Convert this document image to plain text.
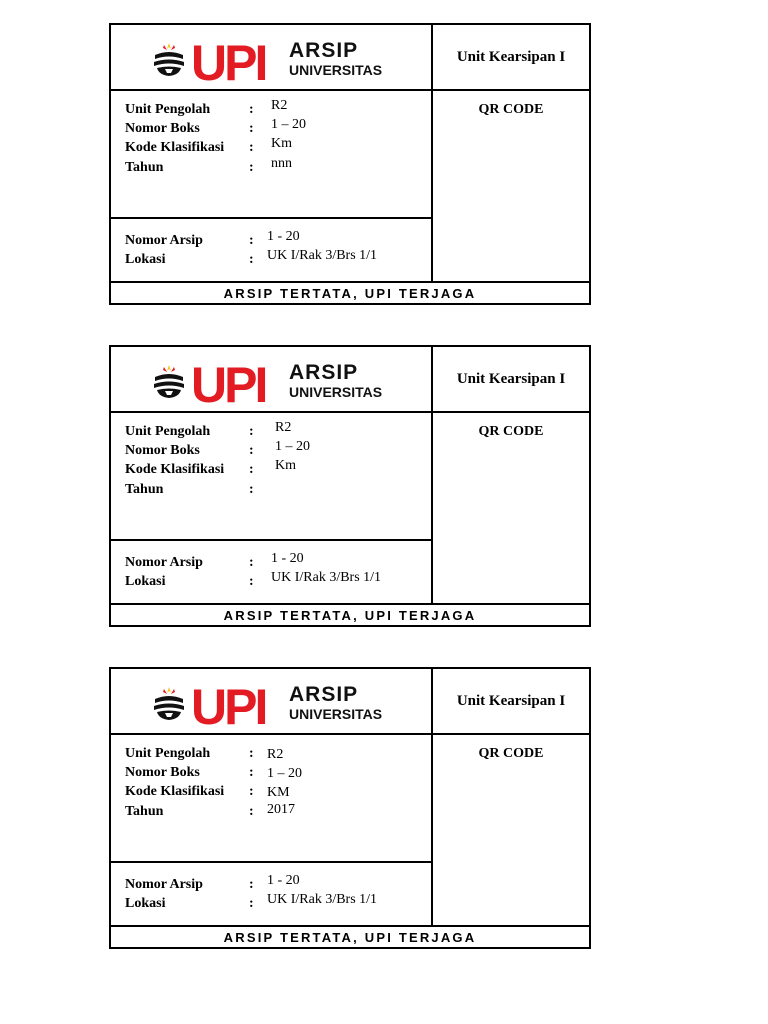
UPI ARSIP
UNIVERSITAS
Unit Kearsipan I
Unit Pengolah	: R2
Nomor Boks	: 1 – 20
Kode Klasifikasi : Km
Tahun	: nnn
QR CODE
Nomor Arsip	: 1 - 20
Lokasi	: UK I/Rak 3/Brs 1/1
ARSIP TERTATA, UPI TERJAGA
UPI ARSIP
UNIVERSITAS
Unit Kearsipan I
Unit Pengolah	: R2
Nomor Boks	: 1 – 20
Kode Klasifikasi : Km
Tahun	:
QR CODE
Nomor Arsip	: 1 - 20
Lokasi	: UK I/Rak 3/Brs 1/1
ARSIP TERTATA, UPI TERJAGA
UPI ARSIP
UNIVERSITAS
Unit Kearsipan I
Unit Pengolah	: R2
Nomor Boks	: 1 – 20
Kode Klasifikasi : KM
Tahun	: 2017
QR CODE
Nomor Arsip	: 1 - 20
Lokasi	: UK I/Rak 3/Brs 1/1
ARSIP TERTATA, UPI TERJAGA
